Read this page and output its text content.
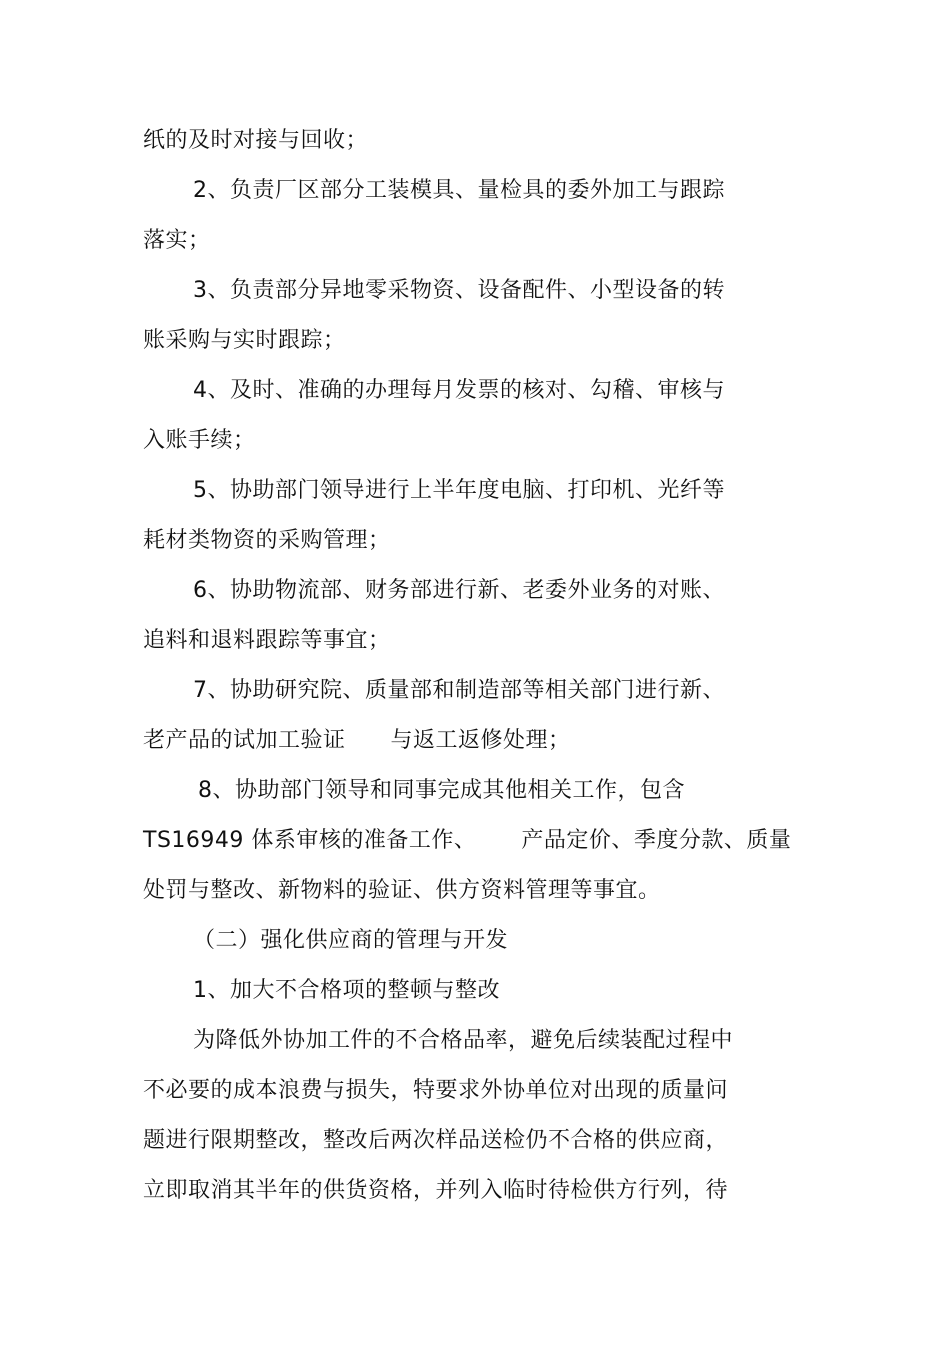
纸的及时对接与回收；
2、负责厂区部分工装模具、量检具的委外加工与跟踪
落实；
3、负责部分异地零采物资、设备配件、小型设备的转
账采购与实时跟踪；
4、及时、准确的办理每月发票的核对、勾稽、审核与
入账手续；
5、协助部门领导进行上半年度电脑、打印机、光纤等
耗材类物资的采购管理；
6、协助物流部、财务部进行新、老委外业务的对账、
追料和退料跟踪等事宜；
7、协助研究院、质量部和制造部等相关部门进行新、
老产品的试加工验证      与返工返修处理；
8、协助部门领导和同事完成其他相关工作，包含
TS16949 体系审核的准备工作、      产品定价、季度分款、质量
处罚与整改、新物料的验证、供方资料管理等事宜。
（二）强化供应商的管理与开发
1、加大不合格项的整顿与整改
为降低外协加工件的不合格品率，避免后续装配过程中
不必要的成本浪费与损失，特要求外协单位对出现的质量问
题进行限期整改，整改后两次样品送检仍不合格的供应商，
立即取消其半年的供货资格，并列入临时待检供方行列，待
